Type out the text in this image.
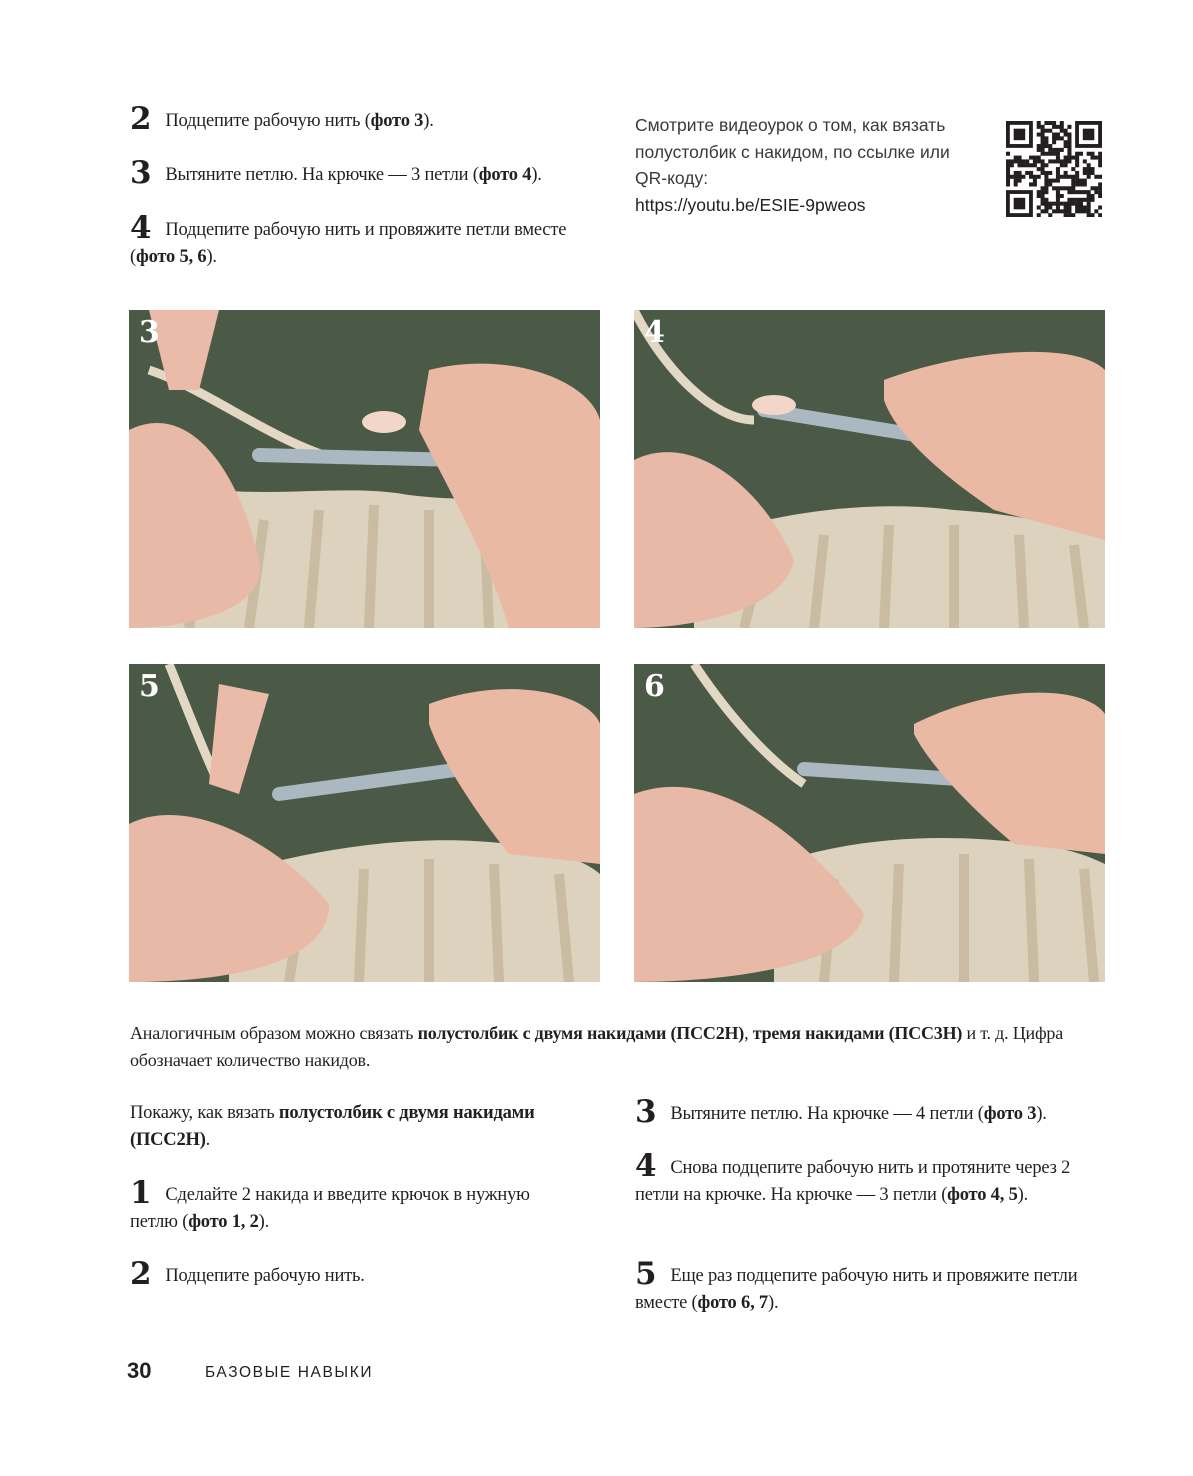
2 Подцепите рабочую нить (фото 3).
3 Вытяните петлю. На крючке — 3 петли (фото 4).
4 Подцепите рабочую нить и провяжите петли вместе (фото 5, 6).
Смотрите видеоурок о том, как вязать полустолбик с накидом, по ссылке или QR-коду:
https://youtu.be/ESIE-9pweos
3	4
5	6
Аналогичным образом можно связать полустолбик с двумя накидами (ПСС2Н), тремя накидами (ПСС3Н) и т. д. Цифра обозначает количество накидов.
Покажу, как вязать полустолбик с двумя накидами (ПСС2Н).
1 Сделайте 2 накида и введите крючок в нужную петлю (фото 1, 2).
2 Подцепите рабочую нить.
3 Вытяните петлю. На крючке — 4 петли (фото 3).
4 Снова подцепите рабочую нить и протяните через 2 петли на крючке. На крючке — 3 петли (фото 4, 5).
5 Еще раз подцепите рабочую нить и провяжите петли вместе (фото 6, 7).
30	БАЗОВЫЕ НАВЫКИ
